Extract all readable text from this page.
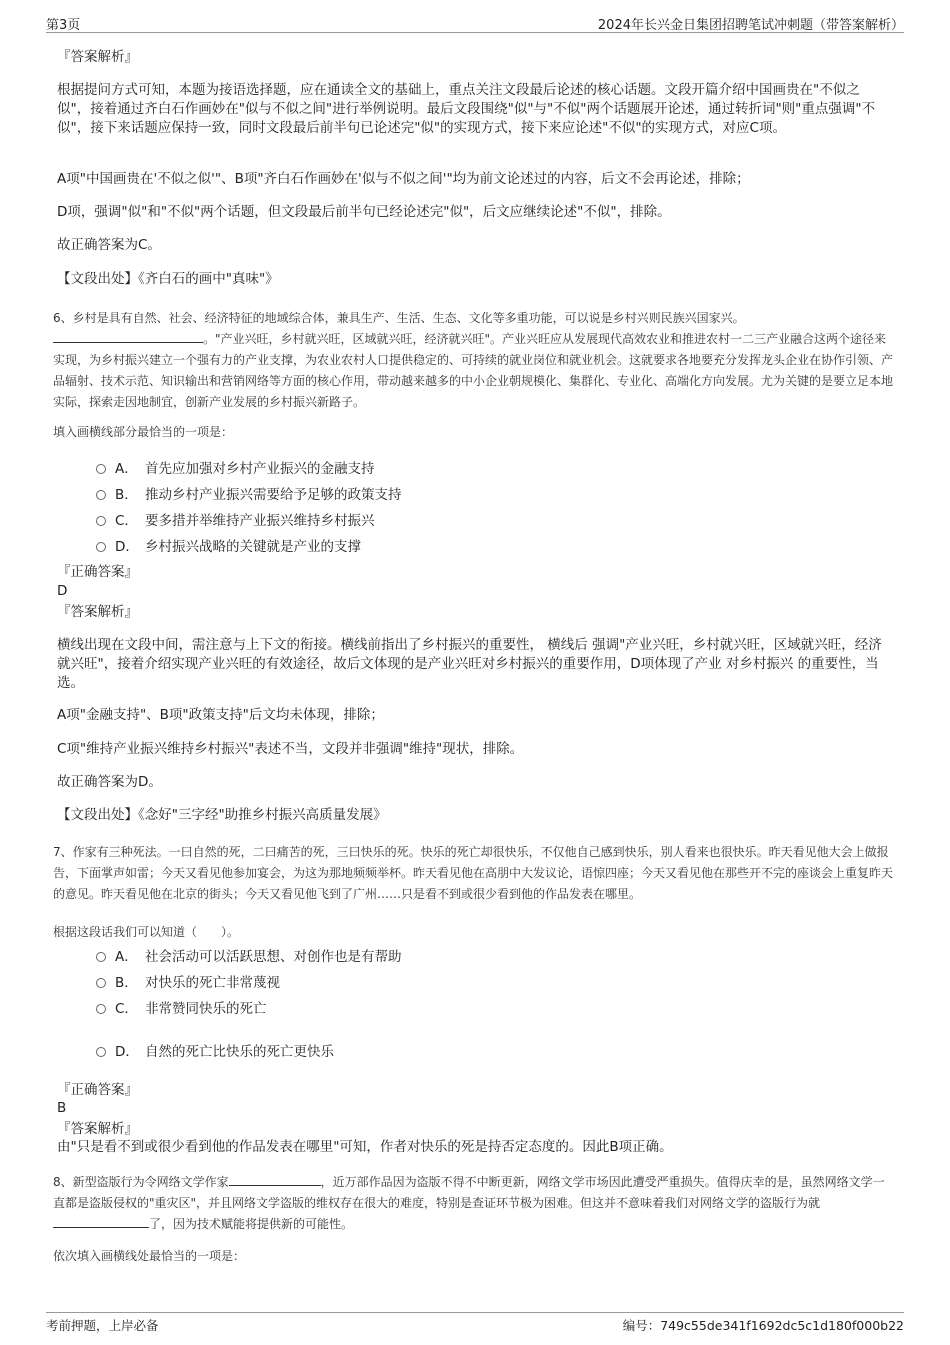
第3页	2024年长兴金日集团招聘笔试冲刺题（带答案解析）
『答案解析』
根据提问方式可知，本题为接语选择题，应在通读全文的基础上，重点关注文段最后论述的核心话题。文段开篇介绍中国画贵在"不似之似"，接着通过齐白石作画妙在"似与不似之间"进行举例说明。最后文段围绕"似"与"不似"两个话题展开论述，通过转折词"则"重点强调"不似"，接下来话题应保持一致，同时文段最后前半句已论述完"似"的实现方式，接下来应论述"不似"的实现方式，对应C项。
A项"中国画贵在'不似之似'"、B项"齐白石作画妙在'似与不似之间'"均为前文论述过的内容，后文不会再论述，排除；
D项，强调"似"和"不似"两个话题，但文段最后前半句已经论述完"似"，后文应继续论述"不似"，排除。
故正确答案为C。
【文段出处】《齐白石的画中"真味"》
6、乡村是具有自然、社会、经济特征的地域综合体，兼具生产、生活、生态、文化等多重功能，可以说是乡村兴则民族兴国家兴。
。"产业兴旺，乡村就兴旺，区域就兴旺，经济就兴旺"。产业兴旺应从发展现代高效农业和推进农村一二三产业融合这两个途径来实现，为乡村振兴建立一个强有力的产业支撑，为农业农村人口提供稳定的、可持续的就业岗位和就业机会。这就要求各地要充分发挥龙头企业在协作引领、产品辐射、技术示范、知识输出和营销网络等方面的核心作用，带动越来越多的中小企业朝规模化、集群化、专业化、高端化方向发展。尤为关键的是要立足本地实际，探索走因地制宜，创新产业发展的乡村振兴新路子。
填入画横线部分最恰当的一项是：
A． 首先应加强对乡村产业振兴的金融支持
B． 推动乡村产业振兴需要给予足够的政策支持
C． 要多措并举维持产业振兴维持乡村振兴
D． 乡村振兴战略的关键就是产业的支撑
『正确答案』
D
『答案解析』
横线出现在文段中间，需注意与上下文的衔接。横线前指出了乡村振兴的重要性， 横线后 强调"产业兴旺，乡村就兴旺，区域就兴旺，经济就兴旺"，接着介绍实现产业兴旺的有效途径，故后文体现的是产业兴旺对乡村振兴的重要作用，D项体现了产业 对乡村振兴 的重要性，当选。
A项"金融支持"、B项"政策支持"后文均未体现，排除；
C项"维持产业振兴维持乡村振兴"表述不当，文段并非强调"维持"现状，排除。
故正确答案为D。
【文段出处】《念好"三字经"助推乡村振兴高质量发展》
7、作家有三种死法。一曰自然的死，二曰痛苦的死，三曰快乐的死。快乐的死亡却很快乐，不仅他自己感到快乐，别人看来也很快乐。昨天看见他大会上做报告，下面掌声如雷；今天又看见他参加宴会，为这为那地频频举杯。昨天看见他在高朋中大发议论，语惊四座；今天又看见他在那些开不完的座谈会上重复昨天的意见。昨天看见他在北京的街头；今天又看见他飞到了广州……只是看不到或很少看到他的作品发表在哪里。
根据这段话我们可以知道（　　）。
A． 社会活动可以活跃思想、对创作也是有帮助
B． 对快乐的死亡非常蔑视
C． 非常赞同快乐的死亡
D． 自然的死亡比快乐的死亡更快乐
『正确答案』
B
『答案解析』
由"只是看不到或很少看到他的作品发表在哪里"可知，作者对快乐的死是持否定态度的。因此B项正确。
8、新型盗版行为令网络文学作家	，近万部作品因为盗版不得不中断更新，网络文学市场因此遭受严重损失。值得庆幸的是，虽然网络文学一直都是盗版侵权的"重灾区"，并且网络文学盗版的维权存在很大的难度，特别是查证环节极为困难。但这并不意味着我们对网络文学的盗版行为就了，因为技术赋能将提供新的可能性。
依次填入画横线处最恰当的一项是：
考前押题，上岸必备	编号：749c55de341f1692dc5c1d180f000b22
